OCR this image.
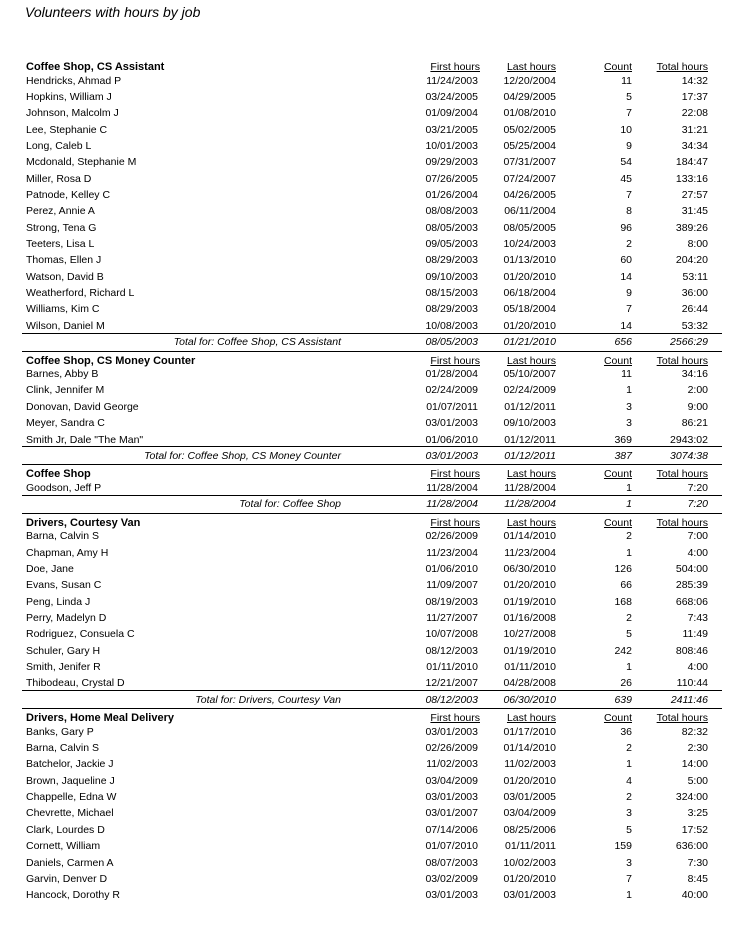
Volunteers with hours by job
Coffee Shop, CS Assistant	First hours	Last hours	Count	Total hours
Hendricks, Ahmad P	11/24/2003	12/20/2004	11	14:32
Hopkins, William J	03/24/2005	04/29/2005	5	17:37
Johnson, Malcolm J	01/09/2004	01/08/2010	7	22:08
Lee, Stephanie C	03/21/2005	05/02/2005	10	31:21
Long, Caleb L	10/01/2003	05/25/2004	9	34:34
Mcdonald, Stephanie M	09/29/2003	07/31/2007	54	184:47
Miller, Rosa D	07/26/2005	07/24/2007	45	133:16
Patnode, Kelley C	01/26/2004	04/26/2005	7	27:57
Perez, Annie A	08/08/2003	06/11/2004	8	31:45
Strong, Tena G	08/05/2003	08/05/2005	96	389:26
Teeters, Lisa L	09/05/2003	10/24/2003	2	8:00
Thomas, Ellen J	08/29/2003	01/13/2010	60	204:20
Watson, David B	09/10/2003	01/20/2010	14	53:11
Weatherford, Richard L	08/15/2003	06/18/2004	9	36:00
Williams, Kim C	08/29/2003	05/18/2004	7	26:44
Wilson, Daniel M	10/08/2003	01/20/2010	14	53:32
Total for: Coffee Shop, CS Assistant	08/05/2003	01/21/2010	656	2566:29
Coffee Shop, CS Money Counter	First hours	Last hours	Count	Total hours
Barnes, Abby B	01/28/2004	05/10/2007	11	34:16
Clink, Jennifer M	02/24/2009	02/24/2009	1	2:00
Donovan, David George	01/07/2011	01/12/2011	3	9:00
Meyer, Sandra C	03/01/2003	09/10/2003	3	86:21
Smith Jr, Dale "The Man"	01/06/2010	01/12/2011	369	2943:02
Total for: Coffee Shop, CS Money Counter	03/01/2003	01/12/2011	387	3074:38
Coffee Shop	First hours	Last hours	Count	Total hours
Goodson, Jeff P	11/28/2004	11/28/2004	1	7:20
Total for: Coffee Shop	11/28/2004	11/28/2004	1	7:20
Drivers, Courtesy Van	First hours	Last hours	Count	Total hours
Barna, Calvin S	02/26/2009	01/14/2010	2	7:00
Chapman, Amy H	11/23/2004	11/23/2004	1	4:00
Doe, Jane	01/06/2010	06/30/2010	126	504:00
Evans, Susan C	11/09/2007	01/20/2010	66	285:39
Peng, Linda J	08/19/2003	01/19/2010	168	668:06
Perry, Madelyn D	11/27/2007	01/16/2008	2	7:43
Rodriguez, Consuela C	10/07/2008	10/27/2008	5	11:49
Schuler, Gary H	08/12/2003	01/19/2010	242	808:46
Smith, Jenifer R	01/11/2010	01/11/2010	1	4:00
Thibodeau, Crystal D	12/21/2007	04/28/2008	26	110:44
Total for: Drivers, Courtesy Van	08/12/2003	06/30/2010	639	2411:46
Drivers, Home Meal Delivery	First hours	Last hours	Count	Total hours
Banks, Gary P	03/01/2003	01/17/2010	36	82:32
Barna, Calvin S	02/26/2009	01/14/2010	2	2:30
Batchelor, Jackie J	11/02/2003	11/02/2003	1	14:00
Brown, Jaqueline J	03/04/2009	01/20/2010	4	5:00
Chappelle, Edna W	03/01/2003	03/01/2005	2	324:00
Chevrette, Michael	03/01/2007	03/04/2009	3	3:25
Clark, Lourdes D	07/14/2006	08/25/2006	5	17:52
Cornett, William	01/07/2010	01/11/2011	159	636:00
Daniels, Carmen A	08/07/2003	10/02/2003	3	7:30
Garvin, Denver D	03/02/2009	01/20/2010	7	8:45
Hancock, Dorothy R	03/01/2003	03/01/2003	1	40:00
